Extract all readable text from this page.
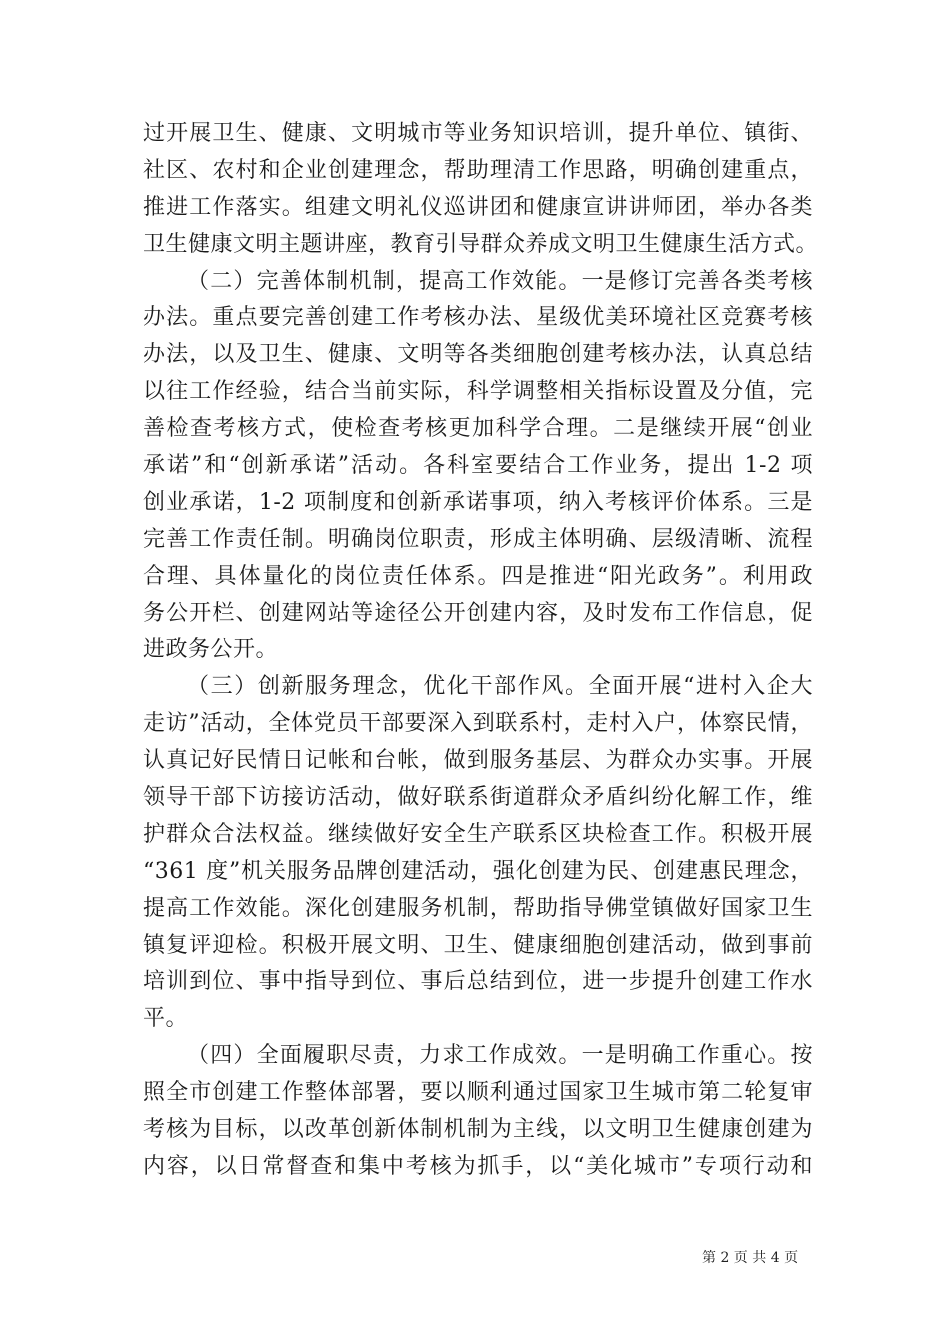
过开展卫生、健康、文明城市等业务知识培训，提升单位、镇街、
社区、农村和企业创建理念，帮助理清工作思路，明确创建重点，
推进工作落实。组建文明礼仪巡讲团和健康宣讲讲师团，举办各类
卫生健康文明主题讲座，教育引导群众养成文明卫生健康生活方式。
（二）完善体制机制，提高工作效能。一是修订完善各类考核
办法。重点要完善创建工作考核办法、星级优美环境社区竞赛考核
办法，以及卫生、健康、文明等各类细胞创建考核办法，认真总结
以往工作经验，结合当前实际，科学调整相关指标设置及分值，完
善检查考核方式，使检查考核更加科学合理。二是继续开展“创业
承诺”和“创新承诺”活动。各科室要结合工作业务，提出 1-2 项
创业承诺，1-2 项制度和创新承诺事项，纳入考核评价体系。三是
完善工作责任制。明确岗位职责，形成主体明确、层级清晰、流程
合理、具体量化的岗位责任体系。四是推进“阳光政务”。利用政
务公开栏、创建网站等途径公开创建内容，及时发布工作信息，促
进政务公开。
（三）创新服务理念，优化干部作风。全面开展“进村入企大
走访”活动，全体党员干部要深入到联系村，走村入户，体察民情，
认真记好民情日记帐和台帐，做到服务基层、为群众办实事。开展
领导干部下访接访活动，做好联系街道群众矛盾纠纷化解工作，维
护群众合法权益。继续做好安全生产联系区块检查工作。积极开展
“361 度”机关服务品牌创建活动，强化创建为民、创建惠民理念，
提高工作效能。深化创建服务机制，帮助指导佛堂镇做好国家卫生
镇复评迎检。积极开展文明、卫生、健康细胞创建活动，做到事前
培训到位、事中指导到位、事后总结到位，进一步提升创建工作水
平。
（四）全面履职尽责，力求工作成效。一是明确工作重心。按
照全市创建工作整体部署，要以顺利通过国家卫生城市第二轮复审
考核为目标，以改革创新体制机制为主线，以文明卫生健康创建为
内容，以日常督查和集中考核为抓手，以“美化城市”专项行动和
第 2 页 共 4 页
